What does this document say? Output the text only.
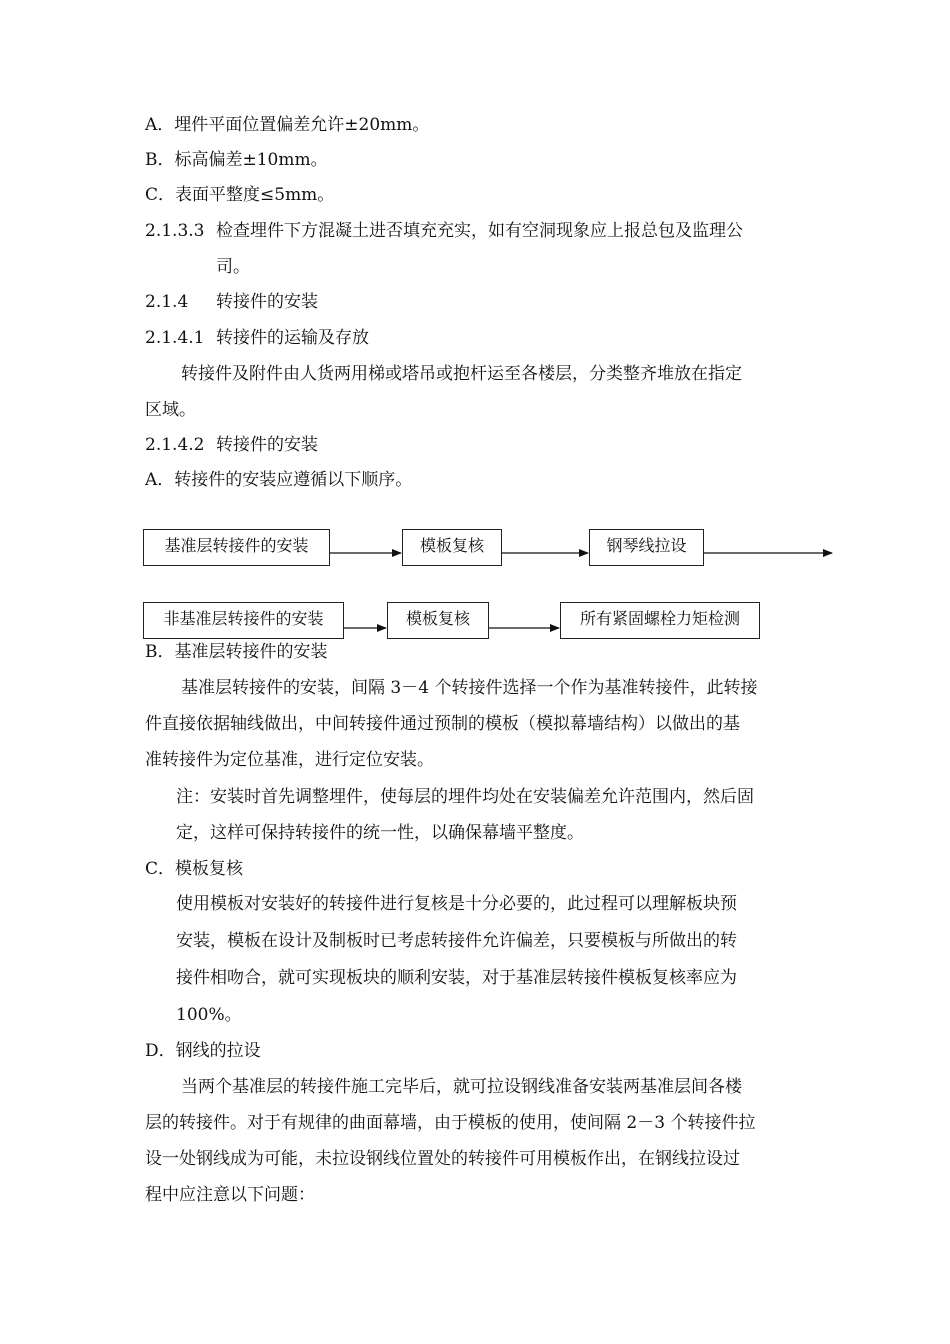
A．埋件平面位置偏差允许±20mm。
B．标高偏差±10mm。
C．表面平整度≤5mm。
2.1.3.3 检查埋件下方混凝土进否填充充实，如有空洞现象应上报总包及监理公
司。
2.1.4 转接件的安装
2.1.4.1 转接件的运输及存放
转接件及附件由人货两用梯或塔吊或抱杆运至各楼层，分类整齐堆放在指定
区域。
2.1.4.2 转接件的安装
A．转接件的安装应遵循以下顺序。
基准层转接件的安装	模板复核	钢琴线拉设
非基准层转接件的安装	模板复核	所有紧固螺栓力矩检测
B．基准层转接件的安装
基准层转接件的安装，间隔 3－4 个转接件选择一个作为基准转接件，此转接
件直接依据轴线做出，中间转接件通过预制的模板（模拟幕墙结构）以做出的基
准转接件为定位基准，进行定位安装。
注：安装时首先调整埋件，使每层的埋件均处在安装偏差允许范围内，然后固
定，这样可保持转接件的统一性，以确保幕墙平整度。
C．模板复核
使用模板对安装好的转接件进行复核是十分必要的，此过程可以理解板块预
安装，模板在设计及制板时已考虑转接件允许偏差，只要模板与所做出的转
接件相吻合，就可实现板块的顺利安装，对于基准层转接件模板复核率应为
100%。
D．钢线的拉设
当两个基准层的转接件施工完毕后，就可拉设钢线准备安装两基准层间各楼
层的转接件。对于有规律的曲面幕墙，由于模板的使用，使间隔 2－3 个转接件拉
设一处钢线成为可能，未拉设钢线位置处的转接件可用模板作出，在钢线拉设过
程中应注意以下问题：
